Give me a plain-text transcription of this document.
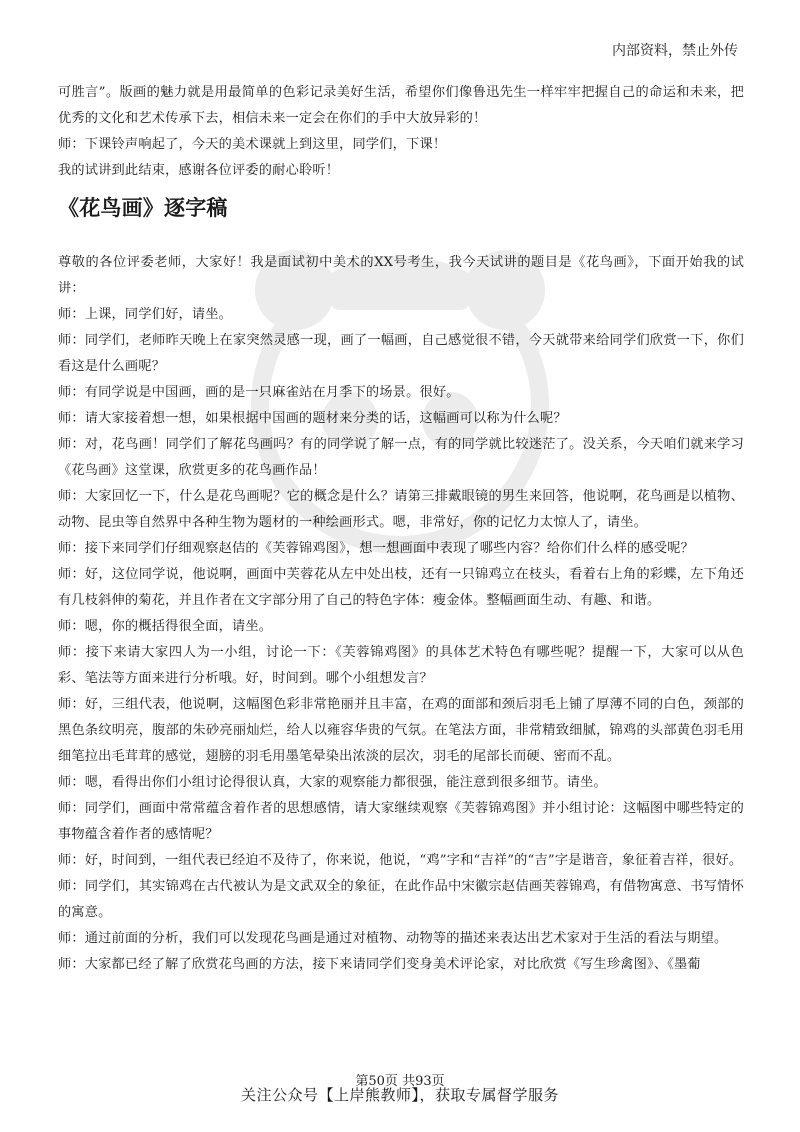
内部资料，禁止外传

可胜言”。版画的魅力就是用最简单的色彩记录美好生活，希望你们像鲁迅先生一样牢牢把握自己的命运和未来，把优秀的文化和艺术传承下去，相信未来一定会在你们的手中大放异彩的！

师：下课铃声响起了，今天的美术课就上到这里，同学们，下课！

我的试讲到此结束，感谢各位评委的耐心聆听！

《花鸟画》逐字稿

尊敬的各位评委老师，大家好！我是面试初中美术的XX号考生，我今天试讲的题目是《花鸟画》，下面开始我的试讲：

师：上课，同学们好，请坐。

师：同学们，老师昨天晚上在家突然灵感一现，画了一幅画，自己感觉很不错，今天就带来给同学们欣赏一下，你们看这是什么画呢？

师：有同学说是中国画，画的是一只麻雀站在月季下的场景。很好。

师：请大家接着想一想，如果根据中国画的题材来分类的话，这幅画可以称为什么呢？

师：对，花鸟画！同学们了解花鸟画吗？有的同学说了解一点，有的同学就比较迷茫了。没关系，今天咱们就来学习《花鸟画》这堂课，欣赏更多的花鸟画作品！

师：大家回忆一下，什么是花鸟画呢？它的概念是什么？请第三排戴眼镜的男生来回答，他说啊，花鸟画是以植物、动物、昆虫等自然界中各种生物为题材的一种绘画形式。嗯，非常好，你的记忆力太惊人了，请坐。

师：接下来同学们仔细观察赵佶的《芙蓉锦鸡图》，想一想画面中表现了哪些内容？给你们什么样的感受呢？

师：好，这位同学说，他说啊，画面中芙蓉花从左中处出枝，还有一只锦鸡立在枝头，看着右上角的彩蝶，左下角还有几枝斜伸的菊花，并且作者在文字部分用了自己的特色字体：瘦金体。整幅画面生动、有趣、和谐。

师：嗯，你的概括得很全面，请坐。

师：接下来请大家四人为一小组，讨论一下：《芙蓉锦鸡图》的具体艺术特色有哪些呢？提醒一下，大家可以从色彩、笔法等方面来进行分析哦。好，时间到。哪个小组想发言？

师：好，三组代表，他说啊，这幅图色彩非常艳丽并且丰富，在鸡的面部和颈后羽毛上铺了厚薄不同的白色，颈部的黑色条纹明亮，腹部的朱砂亮丽灿烂，给人以雍容华贵的气氛。在笔法方面，非常精致细腻，锦鸡的头部黄色羽毛用细笔拉出毛茸茸的感觉，翅膀的羽毛用墨笔晕染出浓淡的层次，羽毛的尾部长而硬、密而不乱。

师：嗯，看得出你们小组讨论得很认真，大家的观察能力都很强，能注意到很多细节。请坐。

师：同学们，画面中常常蕴含着作者的思想感情，请大家继续观察《芙蓉锦鸡图》并小组讨论：这幅图中哪些特定的事物蕴含着作者的感情呢？

师：好，时间到，一组代表已经迫不及待了，你来说，他说，“鸡”字和“吉祥”的“吉”字是谐音，象征着吉祥，很好。

师：同学们，其实锦鸡在古代被认为是文武双全的象征，在此作品中宋徽宗赵佶画芙蓉锦鸡，有借物寓意、书写情怀的寓意。

师：通过前面的分析，我们可以发现花鸟画是通过对植物、动物等的描述来表达出艺术家对于生活的看法与期望。

师：大家都已经了解了欣赏花鸟画的方法，接下来请同学们变身美术评论家，对比欣赏《写生珍禽图》、《墨葡

第50页 共93页
关注公众号【上岸熊教师】，获取专属督学服务
